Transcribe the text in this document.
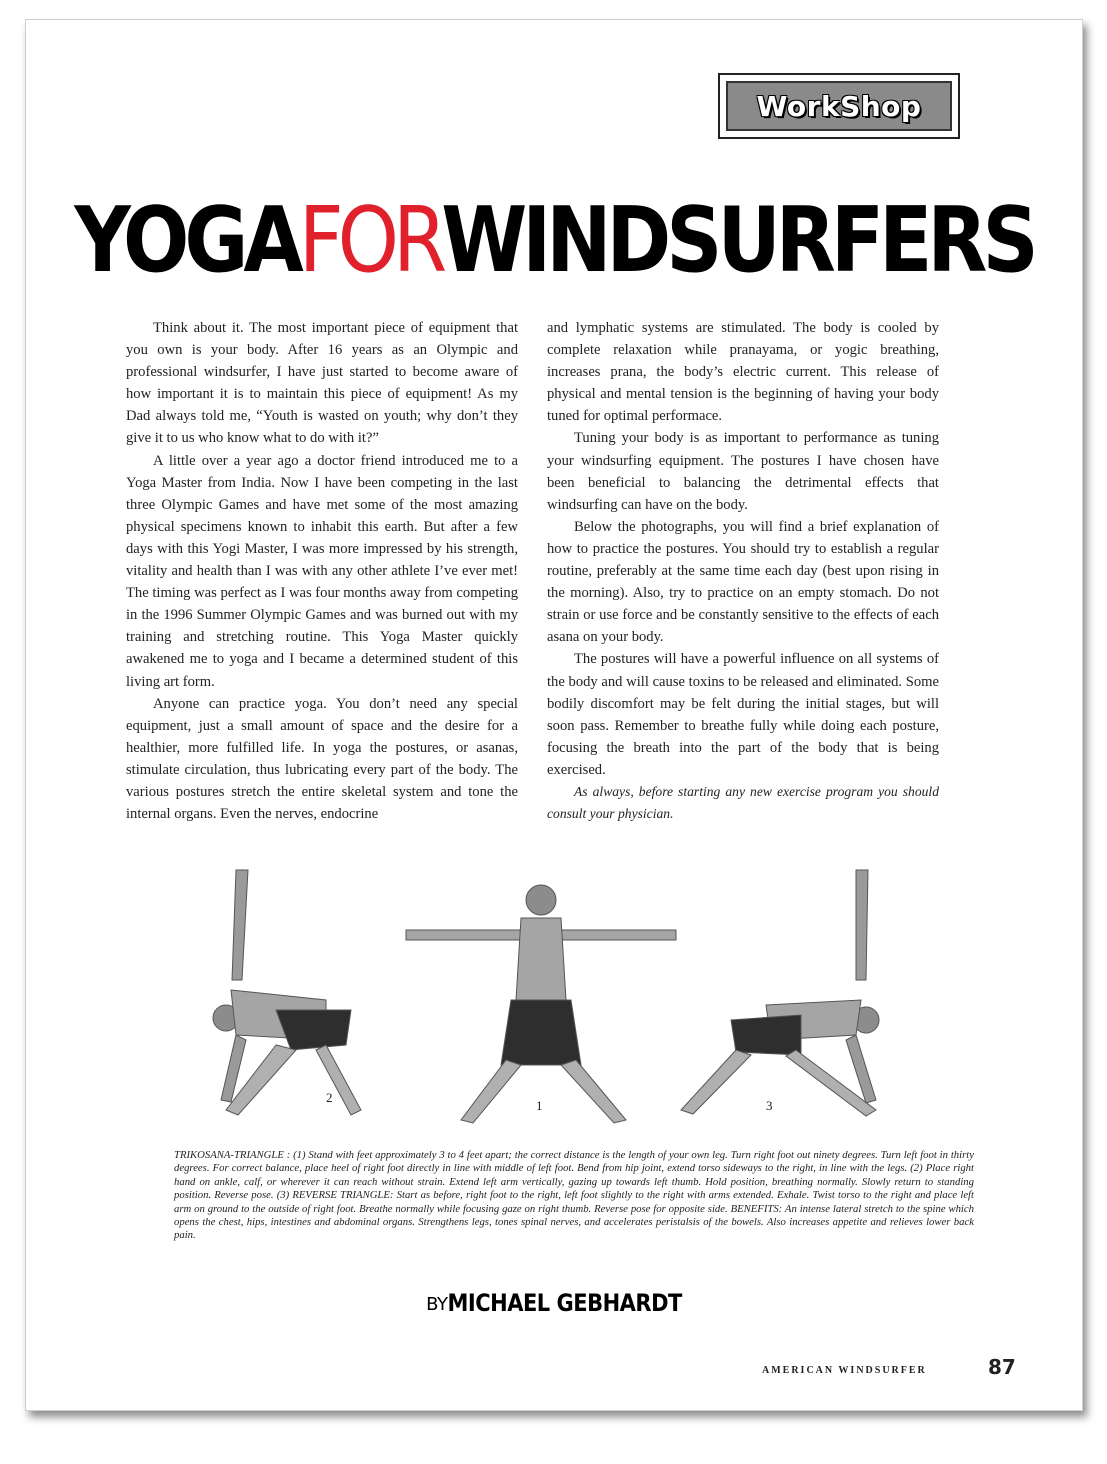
WorkShop
YOGAFORWINDSURFERS

Think about it. The most important piece of equipment that you own is your body. After 16 years as an Olympic and professional windsurfer, I have just started to become aware of how important it is to maintain this piece of equipment! As my Dad always told me, “Youth is wasted on youth; why don’t they give it to us who know what to do with it?”

A little over a year ago a doctor friend introduced me to a Yoga Master from India. Now I have been competing in the last three Olympic Games and have met some of the most amazing physical specimens known to inhabit this earth. But after a few days with this Yogi Master, I was more impressed by his strength, vitality and health than I was with any other athlete I’ve ever met! The timing was perfect as I was four months away from competing in the 1996 Summer Olympic Games and was burned out with my training and stretching routine. This Yoga Master quickly awakened me to yoga and I became a determined student of this living art form.

Anyone can practice yoga. You don’t need any special equipment, just a small amount of space and the desire for a healthier, more fulfilled life. In yoga the postures, or asanas, stimulate circulation, thus lubricating every part of the body. The various postures stretch the entire skeletal system and tone the internal organs. Even the nerves, endocrine

and lymphatic systems are stimulated. The body is cooled by complete relaxation while pranayama, or yogic breathing, increases prana, the body’s electric current. This release of physical and mental tension is the beginning of having your body tuned for optimal performace.

Tuning your body is as important to performance as tuning your windsurfing equipment. The postures I have chosen have been beneficial to balancing the detrimental effects that windsurfing can have on the body.

Below the photographs, you will find a brief explanation of how to practice the postures. You should try to establish a regular routine, preferably at the same time each day (best upon rising in the morning). Also, try to practice on an empty stomach. Do not strain or use force and be constantly sensitive to the effects of each asana on your body.

The postures will have a powerful influence on all systems of the body and will cause toxins to be released and eliminated. Some bodily discomfort may be felt during the initial stages, but will soon pass. Remember to breathe fully while doing each posture, focusing the breath into the part of the body that is being exercised.

As always, before starting any new exercise program you should consult your physician.

2
1	3
TRIKOSANA-TRIANGLE : (1) Stand with feet approximately 3 to 4 feet apart; the correct distance is the length of your own leg. Turn right foot out ninety degrees. Turn left foot in thirty degrees. For correct balance, place heel of right foot directly in line with middle of left foot. Bend from hip joint, extend torso sideways to the right, in line with the legs. (2) Place right hand on ankle, calf, or wherever it can reach without strain. Extend left arm vertically, gazing up towards left thumb. Hold position, breathing normally. Slowly return to standing position. Reverse pose. (3) REVERSE TRIANGLE: Start as before, right foot to the right, left foot slightly to the right with arms extended. Exhale. Twist torso to the right and place left arm on ground to the outside of right foot. Breathe normally while focusing gaze on right thumb. Reverse pose for opposite side. BENEFITS: An intense lateral stretch to the spine which opens the chest, hips, intestines and abdominal organs. Strengthens legs, tones spinal nerves, and accelerates peristalsis of the bowels. Also increases appetite and relieves lower back pain.
BYMICHAEL GEBHARDT
AMERICAN WINDSURFER	87
